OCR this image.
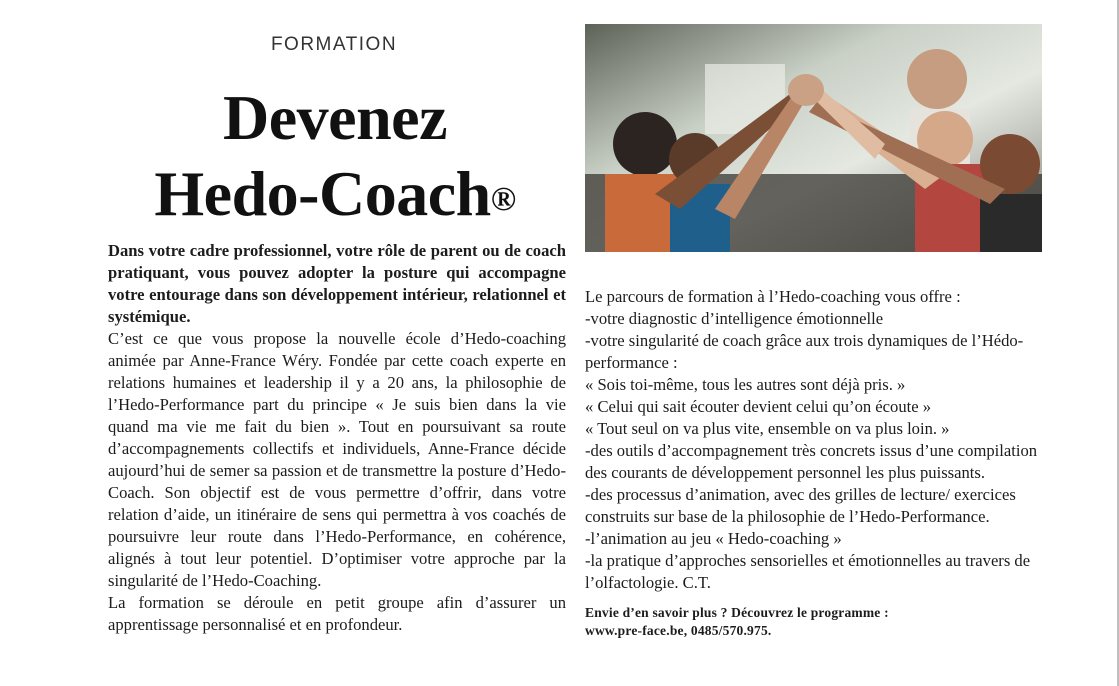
FORMATION
Devenez
Hedo-Coach®

Dans votre cadre professionnel, votre rôle de parent ou de coach pratiquant, vous pouvez adopter la posture qui accompagne votre entourage dans son développement intérieur, relationnel et systémique.

C’est ce que vous propose la nouvelle école d’Hedo-coaching animée par Anne-France Wéry. Fondée par cette coach experte en relations humaines et leadership il y a 20 ans, la philosophie de l’Hedo-Performance part du principe « Je suis bien dans la vie quand ma vie me fait du bien ». Tout en poursuivant sa route d’accompagnements collectifs et individuels, Anne-France décide aujourd’hui de semer sa passion et de transmettre la posture d’Hedo-Coach. Son objectif est de vous permettre d’offrir, dans votre relation d’aide, un itinéraire de sens qui permettra à vos coachés de poursuivre leur route dans l’Hedo-Performance, en cohérence, alignés à tout leur potentiel. D’optimiser votre approche par la singularité de l’Hedo-Coaching.

La formation se déroule en petit groupe afin d’assurer un apprentissage personnalisé et en profondeur.

Le parcours de formation à l’Hedo-coaching vous offre :

-votre diagnostic d’intelligence émotionnelle

-votre singularité de coach grâce aux trois dynamiques de l’Hédo-performance :

« Sois toi-même, tous les autres sont déjà pris. »

« Celui qui sait écouter devient celui qu’on écoute »

« Tout seul on va plus vite, ensemble on va plus loin. »

-des outils d’accompagnement très concrets issus d’une compilation des courants de développement personnel les plus puissants.

-des processus d’animation, avec des grilles de lecture/ exercices construits sur base de la philosophie de l’Hedo-Performance.

-l’animation au jeu « Hedo-coaching »

-la pratique d’approches sensorielles et émotionnelles au travers de l’olfactologie. C.T.

Envie d’en savoir plus ? Découvrez le programme :
www.pre-face.be, 0485/570.975.
